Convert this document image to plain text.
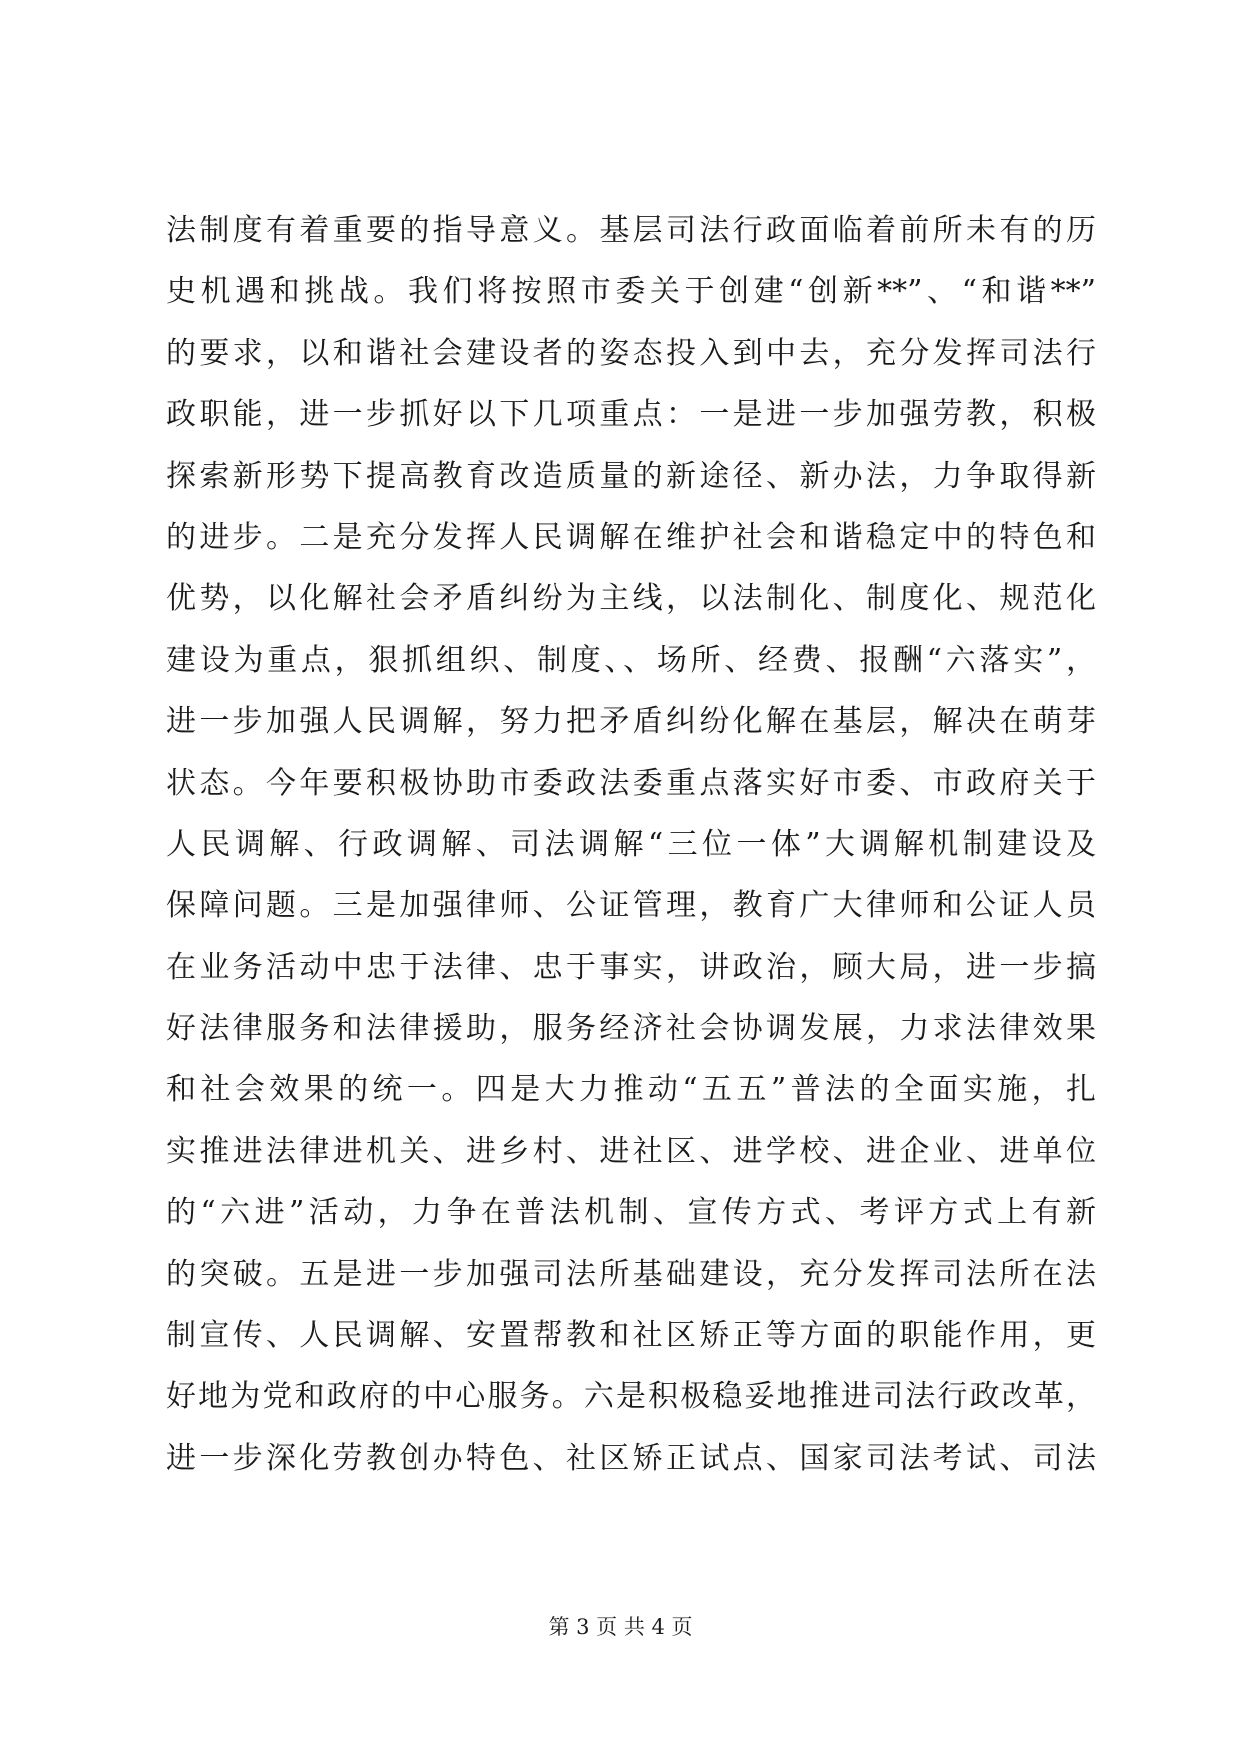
法制度有着重要的指导意义。基层司法行政面临着前所未有的历
史机遇和挑战。我们将按照市委关于创建“创新**”、“和谐**”
的要求，以和谐社会建设者的姿态投入到中去，充分发挥司法行
政职能，进一步抓好以下几项重点：一是进一步加强劳教，积极
探索新形势下提高教育改造质量的新途径、新办法，力争取得新
的进步。二是充分发挥人民调解在维护社会和谐稳定中的特色和
优势，以化解社会矛盾纠纷为主线，以法制化、制度化、规范化
建设为重点，狠抓组织、制度、、场所、经费、报酬“六落实”，
进一步加强人民调解，努力把矛盾纠纷化解在基层，解决在萌芽
状态。今年要积极协助市委政法委重点落实好市委、市政府关于
人民调解、行政调解、司法调解“三位一体”大调解机制建设及
保障问题。三是加强律师、公证管理，教育广大律师和公证人员
在业务活动中忠于法律、忠于事实，讲政治，顾大局，进一步搞
好法律服务和法律援助，服务经济社会协调发展，力求法律效果
和社会效果的统一。四是大力推动“五五”普法的全面实施，扎
实推进法律进机关、进乡村、进社区、进学校、进企业、进单位
的“六进”活动，力争在普法机制、宣传方式、考评方式上有新
的突破。五是进一步加强司法所基础建设，充分发挥司法所在法
制宣传、人民调解、安置帮教和社区矫正等方面的职能作用，更
好地为党和政府的中心服务。六是积极稳妥地推进司法行政改革，
进一步深化劳教创办特色、社区矫正试点、国家司法考试、司法
第 3 页 共 4 页
